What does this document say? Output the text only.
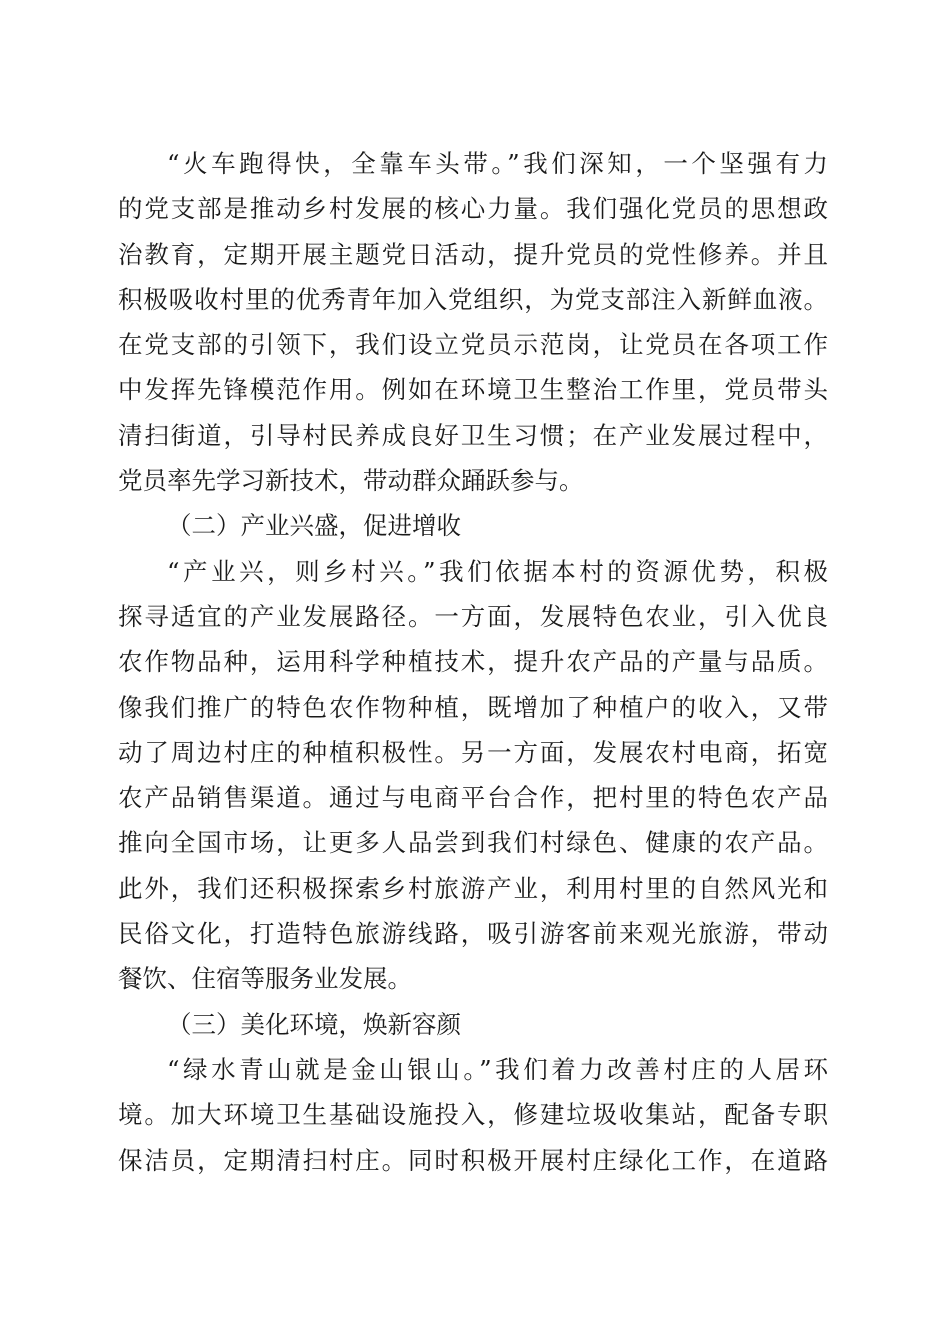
“火车跑得快，全靠车头带。”我们深知，一个坚强有力
的党支部是推动乡村发展的核心力量。我们强化党员的思想政
治教育，定期开展主题党日活动，提升党员的党性修养。并且
积极吸收村里的优秀青年加入党组织，为党支部注入新鲜血液。
在党支部的引领下，我们设立党员示范岗，让党员在各项工作
中发挥先锋模范作用。例如在环境卫生整治工作里，党员带头
清扫街道，引导村民养成良好卫生习惯；在产业发展过程中，
党员率先学习新技术，带动群众踊跃参与。
（二）产业兴盛，促进增收
“产业兴，则乡村兴。”我们依据本村的资源优势，积极
探寻适宜的产业发展路径。一方面，发展特色农业，引入优良
农作物品种，运用科学种植技术，提升农产品的产量与品质。
像我们推广的特色农作物种植，既增加了种植户的收入，又带
动了周边村庄的种植积极性。另一方面，发展农村电商，拓宽
农产品销售渠道。通过与电商平台合作，把村里的特色农产品
推向全国市场，让更多人品尝到我们村绿色、健康的农产品。
此外，我们还积极探索乡村旅游产业，利用村里的自然风光和
民俗文化，打造特色旅游线路，吸引游客前来观光旅游，带动
餐饮、住宿等服务业发展。
（三）美化环境，焕新容颜
“绿水青山就是金山银山。”我们着力改善村庄的人居环
境。加大环境卫生基础设施投入，修建垃圾收集站，配备专职
保洁员，定期清扫村庄。同时积极开展村庄绿化工作，在道路
